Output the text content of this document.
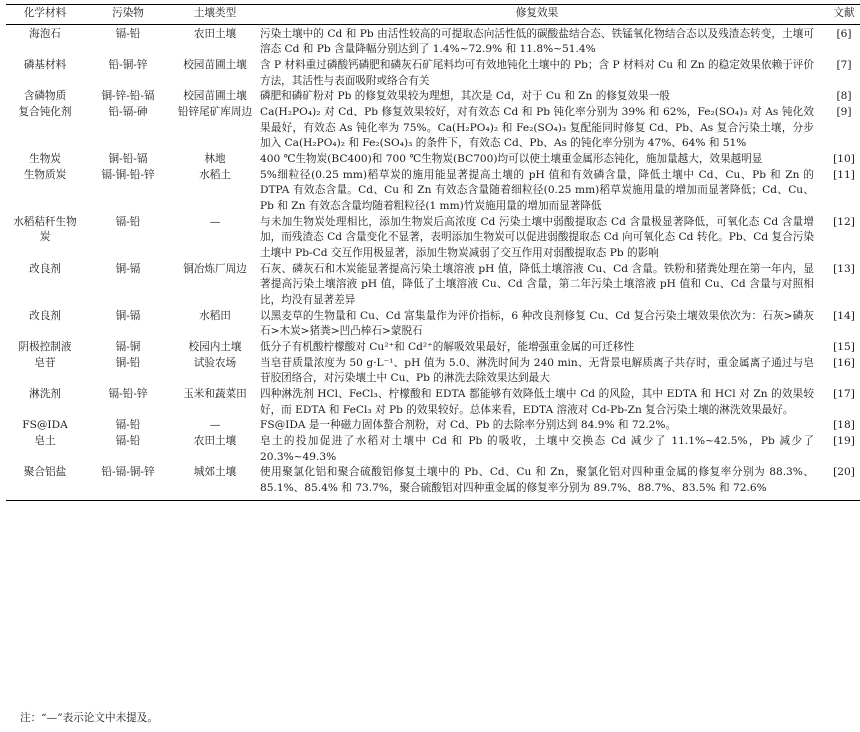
化学材料	污染物	土壤类型	修复效果	文献
海泡石	镉-铅	农田土壤	污染土壤中的 Cd 和 Pb 由活性较高的可提取态向活性低的碳酸盐结合态、铁锰氧化物结合态以及残渣态转变，土壤可溶态 Cd 和 Pb 含量降幅分别达到了 1.4%~72.9% 和 11.8%~51.4%	[6]
磷基材料	铅-铜-锌	校园苗圃土壤	含 P 材料重过磷酸钙磷肥和磷灰石矿尾料均可有效地钝化土壤中的 Pb；含 P 材料对 Cu 和 Zn 的稳定效果依赖于评价方法，其活性与表面吸附或络合有关	[7]
含磷物质	铜-锌-铅-镉	校园苗圃土壤	磷肥和磷矿粉对 Pb 的修复效果较为理想，其次是 Cd，对于 Cu 和 Zn 的修复效果一般	[8]
复合钝化剂	铅-镉-砷	铅锌尾矿库周边	Ca(H₂PO₄)₂ 对 Cd、Pb 修复效果较好，对有效态 Cd 和 Pb 钝化率分别为 39% 和 62%，Fe₂(SO₄)₃ 对 As 钝化效果最好，有效态 As 钝化率为 75%。Ca(H₂PO₄)₂ 和 Fe₂(SO₄)₃ 复配能同时修复 Cd、Pb、As 复合污染土壤，分步加入 Ca(H₂PO₄)₂ 和 Fe₂(SO₄)₃ 的条件下，有效态 Cd、Pb、As 的钝化率分别为 47%、64% 和 51%	[9]
生物炭	铜-铅-镉	林地	400 ℃生物炭(BC400)和 700 ℃生物炭(BC700)均可以使土壤重金属形态钝化，施加量越大，效果越明显	[10]
生物质炭	镉-铜-铅-锌	水稻土	5%细粒径(0.25 mm)稻草炭的施用能显著提高土壤的 pH 值和有效磷含量，降低土壤中 Cd、Cu、Pb 和 Zn 的 DTPA 有效态含量。Cd、Cu 和 Zn 有效态含量随着细粒径(0.25 mm)稻草炭施用量的增加而显著降低；Cd、Cu、Pb 和 Zn 有效态含量均随着粗粒径(1 mm)竹炭施用量的增加而显著降低	[11]
水稻秸秆生物炭	镉-铅	—	与未加生物炭处理相比，添加生物炭后高浓度 Cd 污染土壤中弱酸提取态 Cd 含量极显著降低，可氧化态 Cd 含量增加，而残渣态 Cd 含量变化不显著，表明添加生物炭可以促进弱酸提取态 Cd 向可氧化态 Cd 转化。Pb、Cd 复合污染土壤中 Pb-Cd 交互作用极显著，添加生物炭减弱了交互作用对弱酸提取态 Pb 的影响	[12]
改良剂	铜-镉	铜冶炼厂周边	石灰、磷灰石和木炭能显著提高污染土壤溶液 pH 值，降低土壤溶液 Cu、Cd 含量。铁粉和猪粪处理在第一年内，显著提高污染土壤溶液 pH 值，降低了土壤溶液 Cu、Cd 含量，第二年污染土壤溶液 pH 值和 Cu、Cd 含量与对照相比，均没有显著差异	[13]
改良剂	铜-镉	水稻田	以黑麦草的生物量和 Cu、Cd 富集量作为评价指标，6 种改良剂修复 Cu、Cd 复合污染土壤效果依次为：石灰>磷灰石>木炭>猪粪>凹凸棒石>蒙脱石	[14]
阴极控制液	镉-铜	校园内土壤	低分子有机酸柠檬酸对 Cu²⁺和 Cd²⁺的解吸效果最好，能增强重金属的可迁移性	[15]
皂苷	铜-铅	试验农场	当皂苷质量浓度为 50 g·L⁻¹、pH 值为 5.0、淋洗时间为 240 min、无背景电解质离子共存时，重金属离子通过与皂苷胶团络合，对污染壤土中 Cu、Pb 的淋洗去除效果达到最大	[16]
淋洗剂	镉-铅-锌	玉米和蔬菜田	四种淋洗剂 HCl、FeCl₃、柠檬酸和 EDTA 都能够有效降低土壤中 Cd 的风险，其中 EDTA 和 HCl 对 Zn 的效果较好，而 EDTA 和 FeCl₃ 对 Pb 的效果较好。总体来看，EDTA 溶液对 Cd-Pb-Zn 复合污染土壤的淋洗效果最好。	[17]
FS@IDA	镉-铅	—	FS@IDA 是一种磁力固体螯合剂粉，对 Cd、Pb 的去除率分别达到 84.9% 和 72.2%。	[18]
皂土	镉-铅	农田土壤	皂土的投加促进了水稻对土壤中 Cd 和 Pb 的吸收，土壤中交换态 Cd 减少了 11.1%~42.5%，Pb 减少了 20.3%~49.3%	[19]
聚合铝盐	铅-镉-铜-锌	城郊土壤	使用聚氯化铝和聚合硫酸铝修复土壤中的 Pb、Cd、Cu 和 Zn，聚氯化铝对四种重金属的修复率分别为 88.3%、85.1%、85.4% 和 73.7%，聚合硫酸铝对四种重金属的修复率分别为 89.7%、88.7%、83.5% 和 72.6%	[20]
注：“—”表示论文中未提及。
